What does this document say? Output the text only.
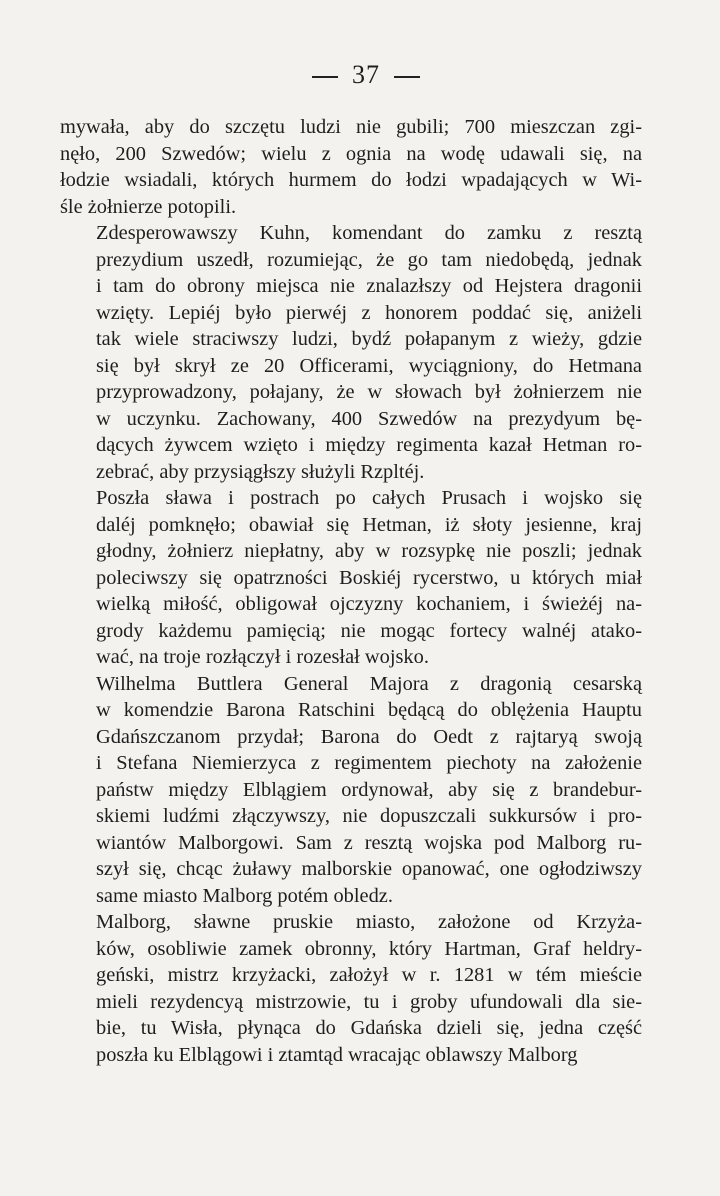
37

mywała, aby do szczętu ludzi nie gubili; 700 mieszczan zgi-
nęło, 200 Szwedów; wielu z ognia na wodę udawali się, na
łodzie wsiadali, których hurmem do łodzi wpadających w Wi-
śle żołnierze potopili.

Zdesperowawszy Kuhn, komendant do zamku z resztą
prezydium uszedł, rozumiejąc, że go tam niedobędą, jednak
i tam do obrony miejsca nie znalazłszy od Hejstera dragonii
wzięty. Lepiéj było pierwéj z honorem poddać się, aniżeli
tak wiele straciwszy ludzi, bydź połapanym z wieży, gdzie
się był skrył ze 20 Officerami, wyciągniony, do Hetmana
przyprowadzony, połajany, że w słowach był żołnierzem nie
w uczynku. Zachowany, 400 Szwedów na prezydyum bę-
dących żywcem wzięto i między regimenta kazał Hetman ro-
zebrać, aby przysiągłszy służyli Rzpltéj.

Poszła sława i postrach po całych Prusach i wojsko się
daléj pomknęło; obawiał się Hetman, iż słoty jesienne, kraj
głodny, żołnierz niepłatny, aby w rozsypkę nie poszli; jednak
poleciwszy się opatrzności Boskiéj rycerstwo, u których miał
wielką miłość, obligował ojczyzny kochaniem, i świeżéj na-
grody każdemu pamięcią; nie mogąc fortecy walnéj atako-
wać, na troje rozłączył i rozesłał wojsko.

Wilhelma Buttlera General Majora z dragonią cesarską
w komendzie Barona Ratschini będącą do oblężenia Hauptu
Gdańszczanom przydał; Barona do Oedt z rajtaryą swoją
i Stefana Niemierzyca z regimentem piechoty na założenie
państw między Elblągiem ordynował, aby się z brandebur-
skiemi ludźmi złączywszy, nie dopuszczali sukkursów i pro-
wiantów Malborgowi. Sam z resztą wojska pod Malborg ru-
szył się, chcąc żuławy malborskie opanować, one ogłodziwszy
same miasto Malborg potém obledz.

Malborg, sławne pruskie miasto, założone od Krzyża-
ków, osobliwie zamek obronny, który Hartman, Graf heldry-
geński, mistrz krzyżacki, założył w r. 1281 w tém mieście
mieli rezydencyą mistrzowie, tu i groby ufundowali dla sie-
bie, tu Wisła, płynąca do Gdańska dzieli się, jedna część
poszła ku Elblągowi i ztamtąd wracając oblawszy Malborg
